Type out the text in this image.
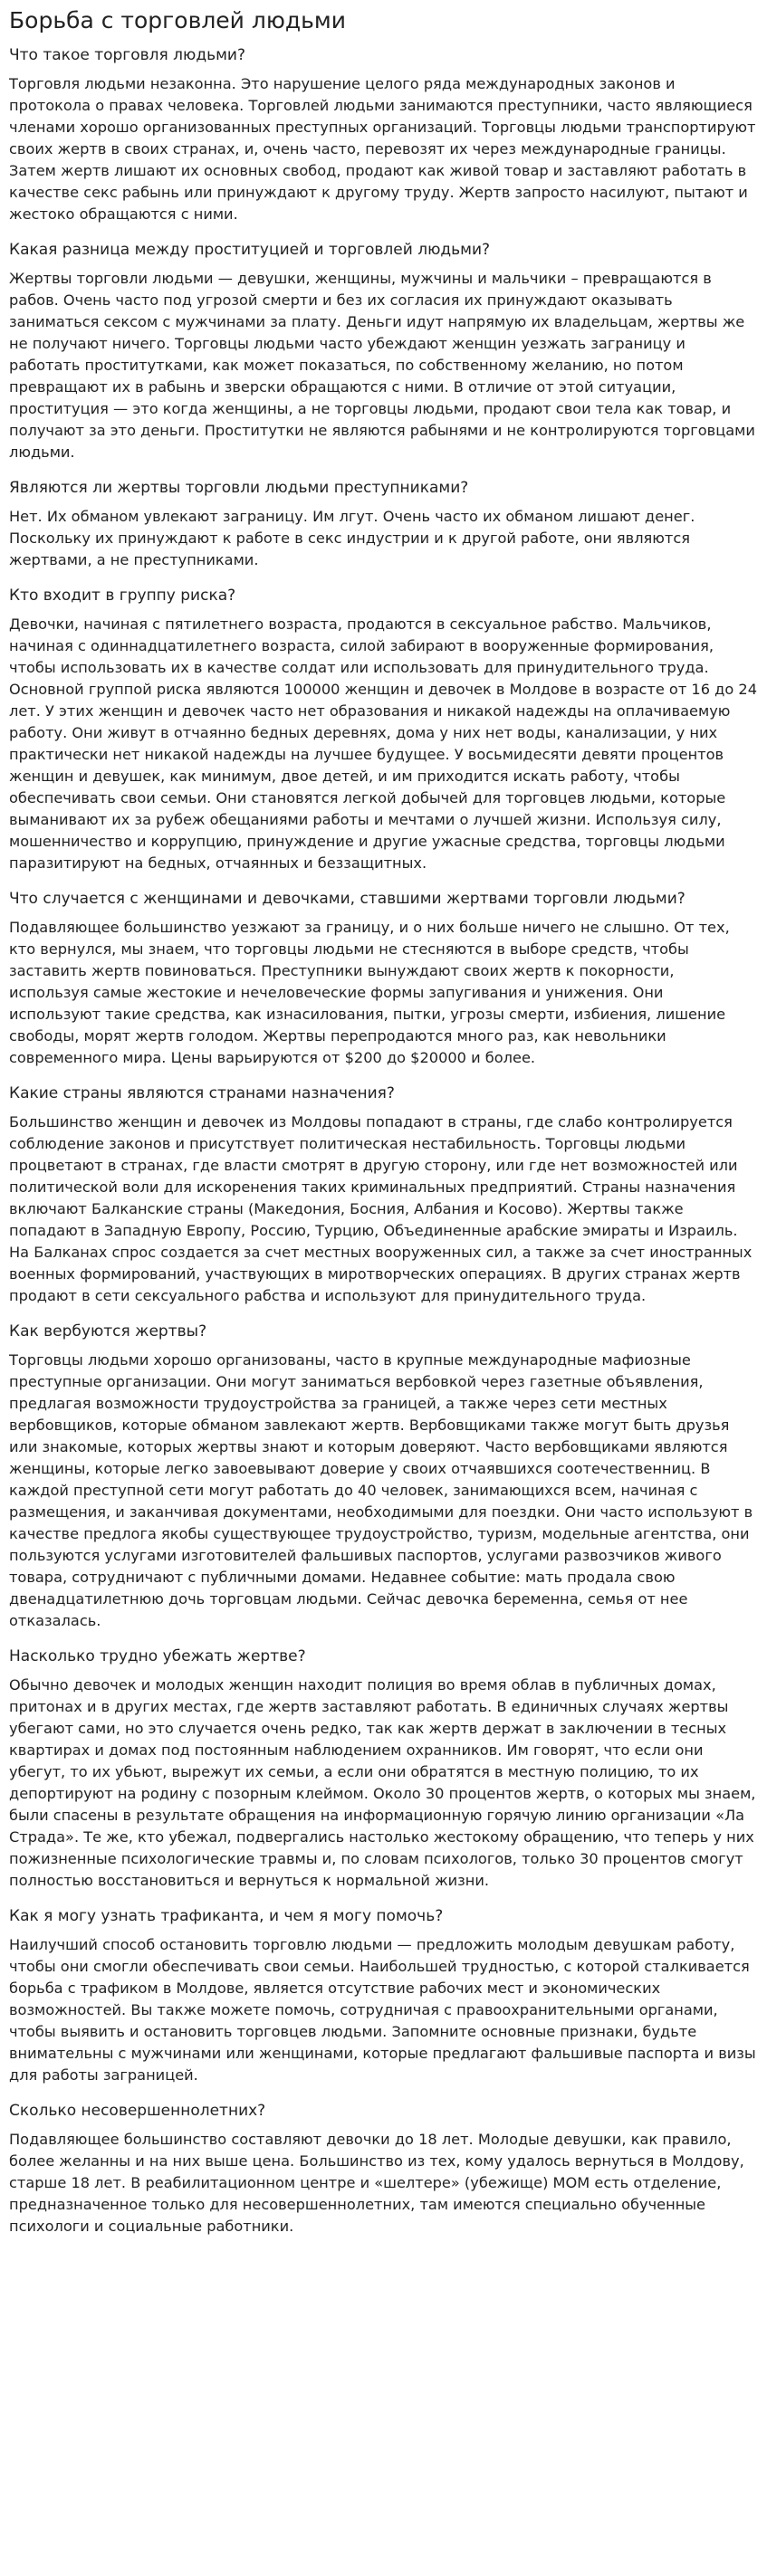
Борьба с торговлей людьми
Что такое торговля людьми?
Торговля людьми незаконна. Это нарушение целого ряда международных законов и протокола о правах человека. Торговлей людьми занимаются преступники, часто являющиеся членами хорошо организованных преступных организаций. Торговцы людьми транспортируют своих жертв в своих странах, и, очень часто, перевозят их через международные границы. Затем жертв лишают их основных свобод, продают как живой товар и заставляют работать в качестве секс рабынь или принуждают к другому труду. Жертв запросто насилуют, пытают и жестоко обращаются с ними.
Какая разница между проституцией и торговлей людьми?
Жертвы торговли людьми — девушки, женщины, мужчины и мальчики – превращаются в рабов. Очень часто под угрозой смерти и без их согласия их принуждают оказывать заниматься сексом с мужчинами за плату. Деньги идут напрямую их владельцам, жертвы же не получают ничего. Торговцы людьми часто убеждают женщин уезжать заграницу и работать проститутками, как может показаться, по собственному желанию, но потом превращают их в рабынь и зверски обращаются с ними. В отличие от этой ситуации, проституция — это когда женщины, а не торговцы людьми, продают свои тела как товар, и получают за это деньги. Проститутки не являются рабынями и не контролируются торговцами людьми.
Являются ли жертвы торговли людьми преступниками?
Нет. Их обманом увлекают заграницу. Им лгут. Очень часто их обманом лишают денег. Поскольку их принуждают к работе в секс индустрии и к другой работе, они являются жертвами, а не преступниками.
Кто входит в группу риска?
Девочки, начиная с пятилетнего возраста, продаются в сексуальное рабство. Мальчиков, начиная с одиннадцатилетнего возраста, силой забирают в вооруженные формирования, чтобы использовать их в качестве солдат или использовать для принудительного труда. Основной группой риска являются 100000 женщин и девочек в Молдове в возрасте от 16 до 24 лет. У этих женщин и девочек часто нет образования и никакой надежды на оплачиваемую работу. Они живут в отчаянно бедных деревнях, дома у них нет воды, канализации, у них практически нет никакой надежды на лучшее будущее. У восьмидесяти девяти процентов женщин и девушек, как минимум, двое детей, и им приходится искать работу, чтобы обеспечивать свои семьи. Они становятся легкой добычей для торговцев людьми, которые выманивают их за рубеж обещаниями работы и мечтами о лучшей жизни. Используя силу, мошенничество и коррупцию, принуждение и другие ужасные средства, торговцы людьми паразитируют на бедных, отчаянных и беззащитных.
Что случается с женщинами и девочками, ставшими жертвами торговли людьми?
Подавляющее большинство уезжают за границу, и о них больше ничего не слышно. От тех, кто вернулся, мы знаем, что торговцы людьми не стесняются в выборе средств, чтобы заставить жертв повиноваться. Преступники вынуждают своих жертв к покорности, используя самые жестокие и нечеловеческие формы запугивания и унижения. Они используют такие средства, как изнасилования, пытки, угрозы смерти, избиения, лишение свободы, морят жертв голодом. Жертвы перепродаются много раз, как невольники современного мира. Цены варьируются от $200 до $20000 и более.
Какие страны являются странами назначения?
Большинство женщин и девочек из Молдовы попадают в страны, где слабо контролируется соблюдение законов и присутствует политическая нестабильность. Торговцы людьми процветают в странах, где власти смотрят в другую сторону, или где нет возможностей или политической воли для искоренения таких криминальных предприятий. Страны назначения включают Балканские страны (Македония, Босния, Албания и Косово). Жертвы также попадают в Западную Европу, Россию, Турцию, Объединенные арабские эмираты и Израиль. На Балканах спрос создается за счет местных вооруженных сил, а также за счет иностранных военных формирований, участвующих в миротворческих операциях. В других странах жертв продают в сети сексуального рабства и используют для принудительного труда.
Как вербуются жертвы?
Торговцы людьми хорошо организованы, часто в крупные международные мафиозные преступные организации. Они могут заниматься вербовкой через газетные объявления, предлагая возможности трудоустройства за границей, а также через сети местных вербовщиков, которые обманом завлекают жертв. Вербовщиками также могут быть друзья или знакомые, которых жертвы знают и которым доверяют. Часто вербовщиками являются женщины, которые легко завоевывают доверие у своих отчаявшихся соотечественниц. В каждой преступной сети могут работать до 40 человек, занимающихся всем, начиная с размещения, и заканчивая документами, необходимыми для поездки. Они часто используют в качестве предлога якобы существующее трудоустройство, туризм, модельные агентства, они пользуются услугами изготовителей фальшивых паспортов, услугами развозчиков живого товара, сотрудничают с публичными домами. Недавнее событие: мать продала свою двенадцатилетнюю дочь торговцам людьми. Сейчас девочка беременна, семья от нее отказалась.
Насколько трудно убежать жертве?
Обычно девочек и молодых женщин находит полиция во время облав в публичных домах, притонах и в других местах, где жертв заставляют работать. В единичных случаях жертвы убегают сами, но это случается очень редко, так как жертв держат в заключении в тесных квартирах и домах под постоянным наблюдением охранников. Им говорят, что если они убегут, то их убьют, вырежут их семьи, а если они обратятся в местную полицию, то их депортируют на родину с позорным клеймом. Около 30 процентов жертв, о которых мы знаем, были спасены в результате обращения на информационную горячую линию организации «Ла Страда». Те же, кто убежал, подвергались настолько жестокому обращению, что теперь у них пожизненные психологические травмы и, по словам психологов, только 30 процентов смогут полностью восстановиться и вернуться к нормальной жизни.
Как я могу узнать трафиканта, и чем я могу помочь?
Наилучший способ остановить торговлю людьми — предложить молодым девушкам работу, чтобы они смогли обеспечивать свои семьи. Наибольшей трудностью, с которой сталкивается борьба с трафиком в Молдове, является отсутствие рабочих мест и экономических возможностей. Вы также можете помочь, сотрудничая с правоохранительными органами, чтобы выявить и остановить торговцев людьми. Запомните основные признаки, будьте внимательны с мужчинами или женщинами, которые предлагают фальшивые паспорта и визы для работы заграницей.
Сколько несовершеннолетних?
Подавляющее большинство составляют девочки до 18 лет. Молодые девушки, как правило, более желанны и на них выше цена. Большинство из тех, кому удалось вернуться в Молдову, старше 18 лет. В реабилитационном центре и «шелтере» (убежище) МОМ есть отделение, предназначенное только для несовершеннолетних, там имеются специально обученные психологи и социальные работники.
